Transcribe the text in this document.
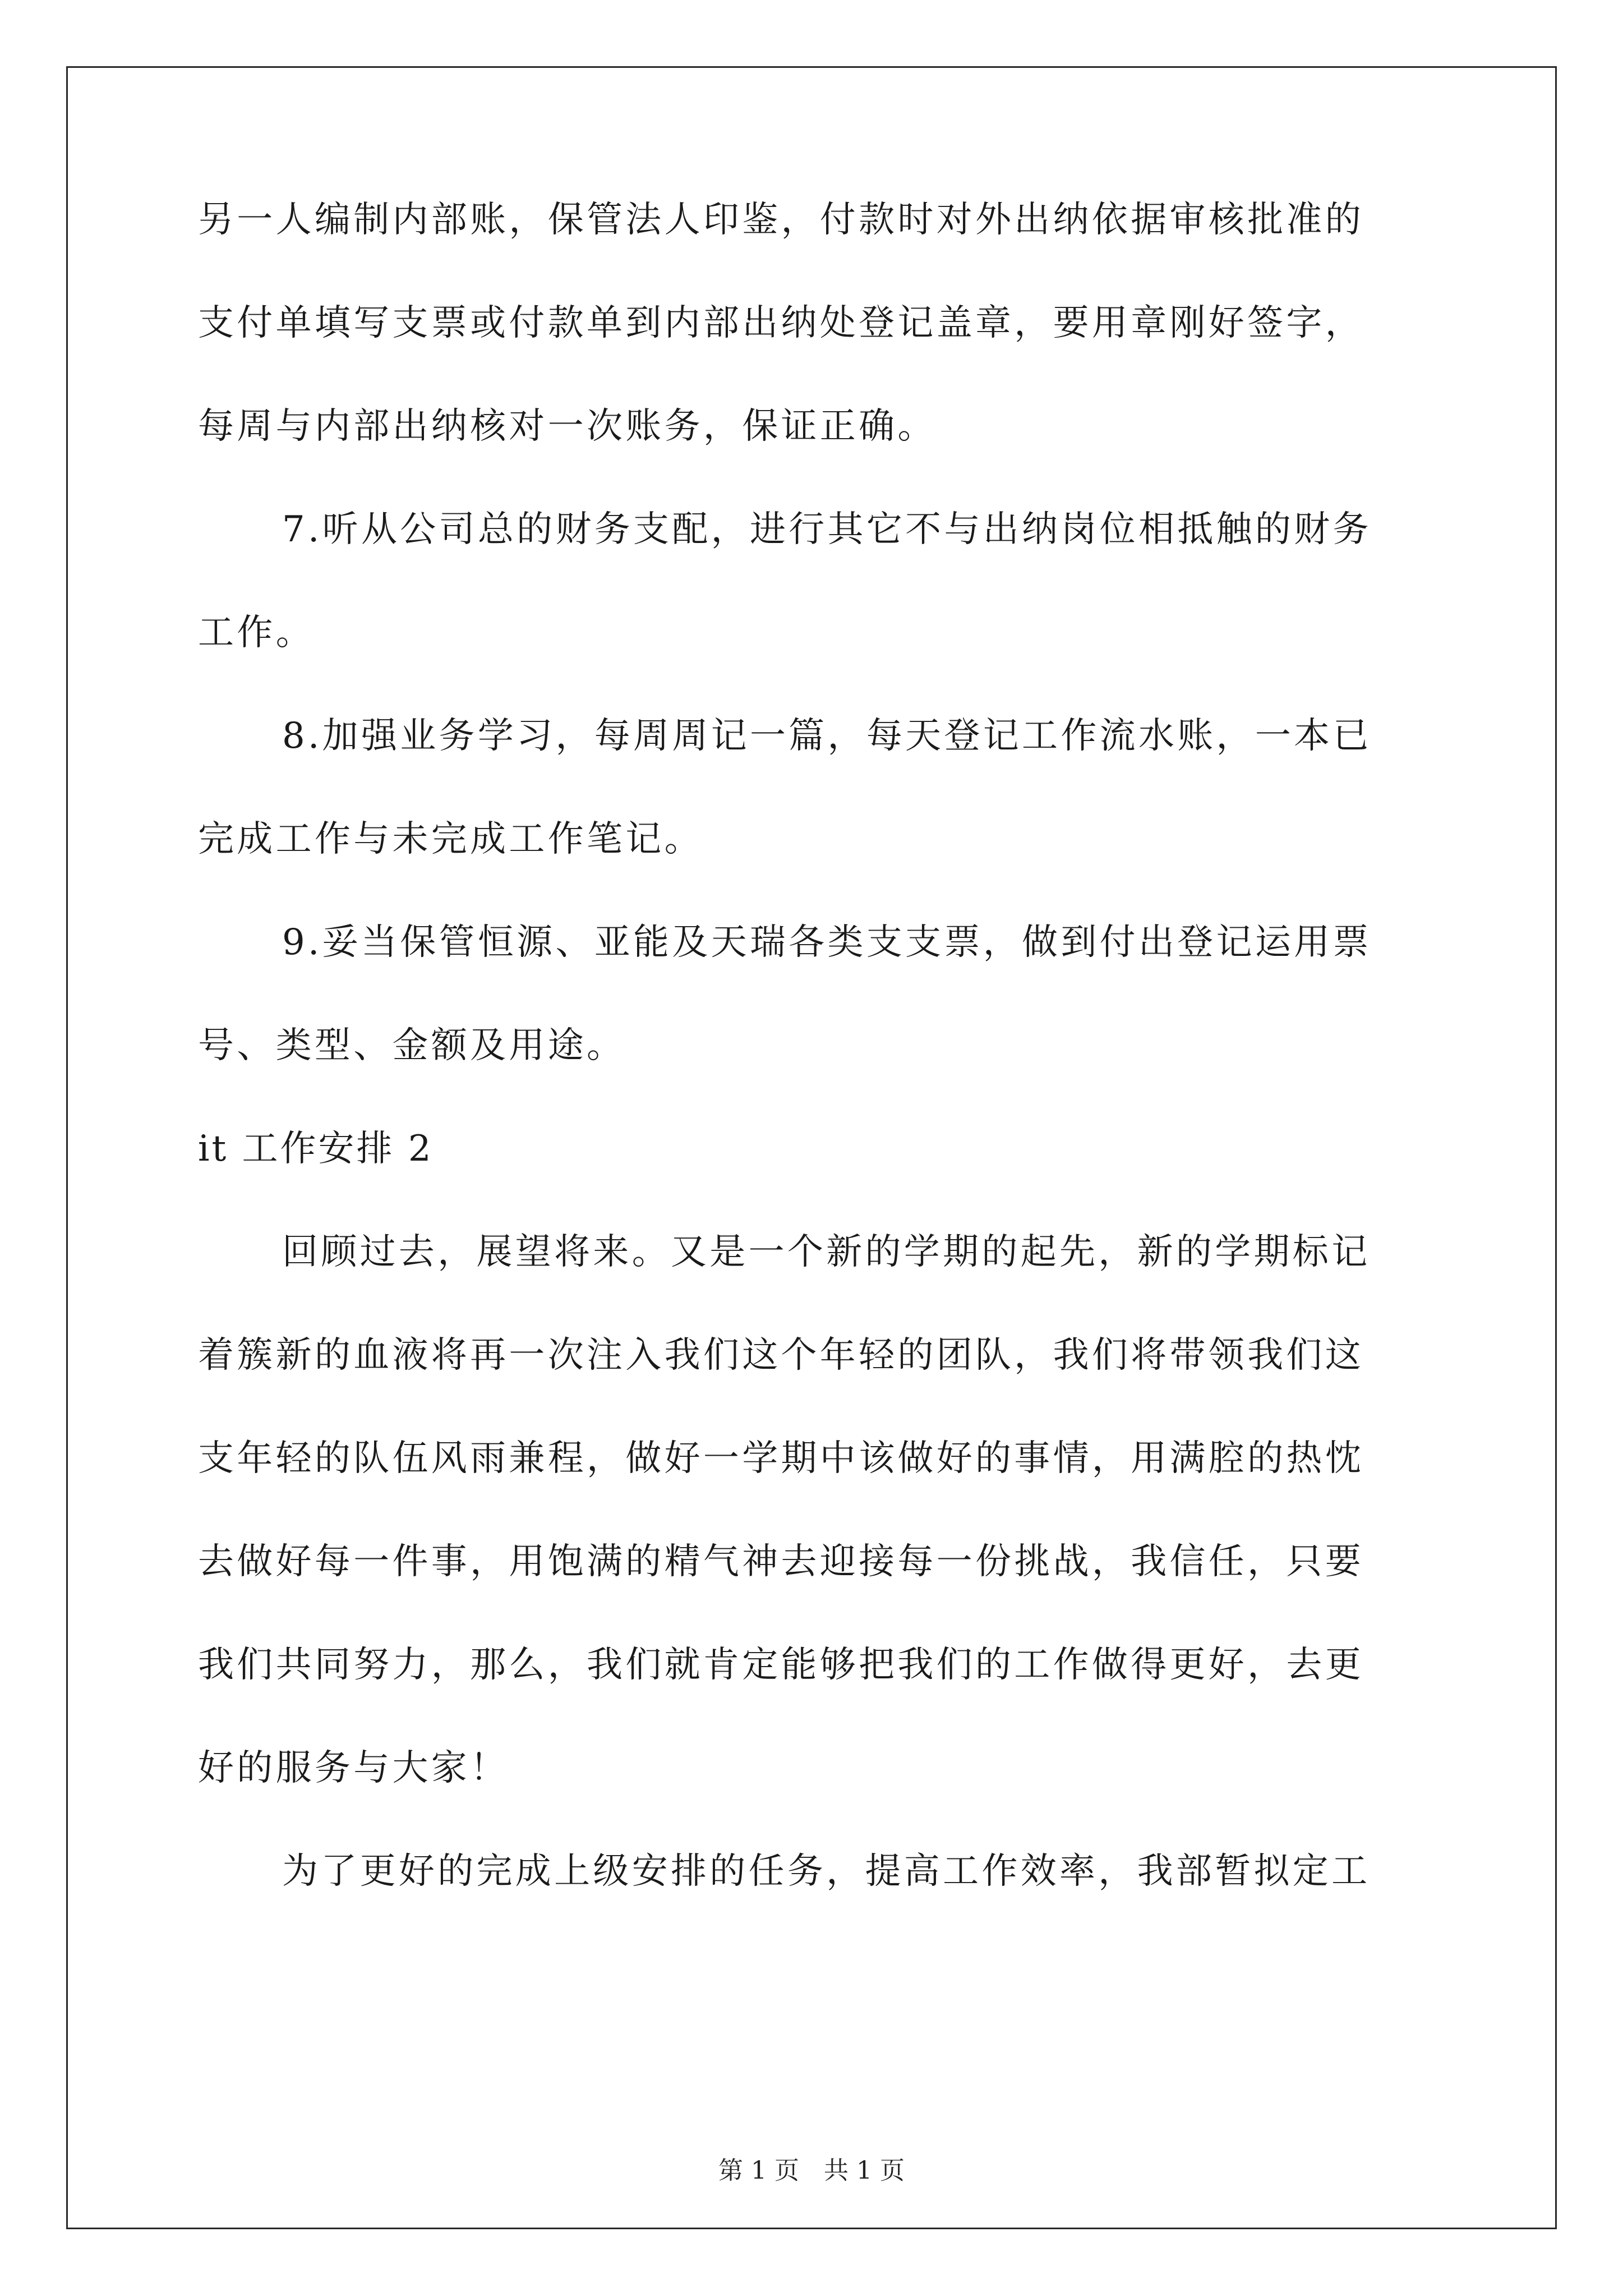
另一人编制内部账，保管法人印鉴，付款时对外出纳依据审核批准的
支付单填写支票或付款单到内部出纳处登记盖章，要用章刚好签字，
每周与内部出纳核对一次账务，保证正确。
7.听从公司总的财务支配，进行其它不与出纳岗位相抵触的财务
工作。
8.加强业务学习，每周周记一篇，每天登记工作流水账，一本已
完成工作与未完成工作笔记。
9.妥当保管恒源、亚能及天瑞各类支支票，做到付出登记运用票
号、类型、金额及用途。
it 工作安排 2
回顾过去，展望将来。又是一个新的学期的起先，新的学期标记
着簇新的血液将再一次注入我们这个年轻的团队，我们将带领我们这
支年轻的队伍风雨兼程，做好一学期中该做好的事情，用满腔的热忱
去做好每一件事，用饱满的精气神去迎接每一份挑战，我信任，只要
我们共同努力，那么，我们就肯定能够把我们的工作做得更好，去更
好的服务与大家！
为了更好的完成上级安排的任务，提高工作效率，我部暂拟定工
第 1 页　共 1 页
